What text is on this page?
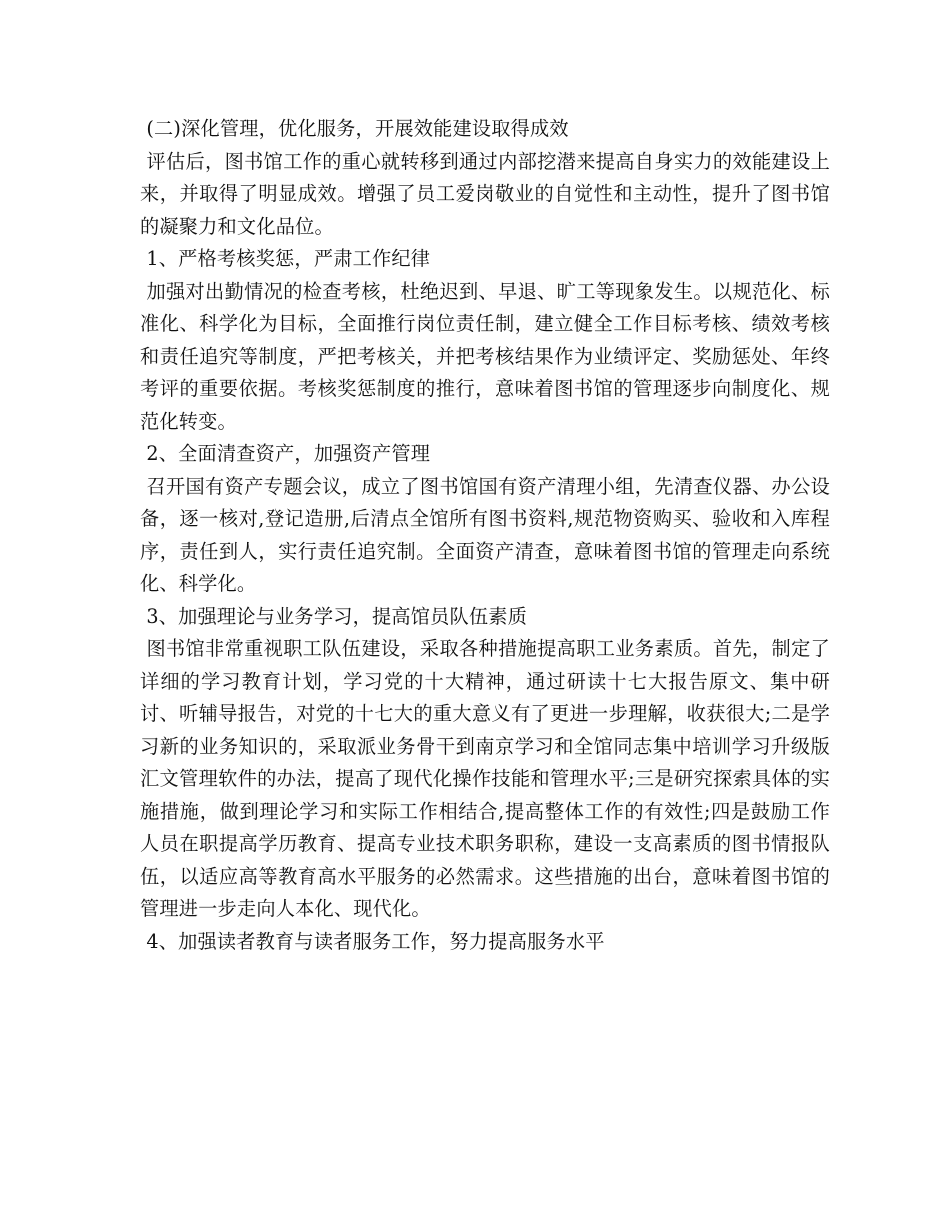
(二)深化管理，优化服务，开展效能建设取得成效

评估后，图书馆工作的重心就转移到通过内部挖潜来提高自身实力的效能建设上来，并取得了明显成效。增强了员工爱岗敬业的自觉性和主动性，提升了图书馆的凝聚力和文化品位。

1、严格考核奖惩，严肃工作纪律

加强对出勤情况的检查考核，杜绝迟到、早退、旷工等现象发生。以规范化、标准化、科学化为目标，全面推行岗位责任制，建立健全工作目标考核、绩效考核和责任追究等制度，严把考核关，并把考核结果作为业绩评定、奖励惩处、年终考评的重要依据。考核奖惩制度的推行，意味着图书馆的管理逐步向制度化、规范化转变。

2、全面清查资产，加强资产管理

召开国有资产专题会议，成立了图书馆国有资产清理小组，先清查仪器、办公设备，逐一核对,登记造册,后清点全馆所有图书资料,规范物资购买、验收和入库程序，责任到人，实行责任追究制。全面资产清查，意味着图书馆的管理走向系统化、科学化。

3、加强理论与业务学习，提高馆员队伍素质

图书馆非常重视职工队伍建设，采取各种措施提高职工业务素质。首先，制定了详细的学习教育计划，学习党的十大精神，通过研读十七大报告原文、集中研讨、听辅导报告，对党的十七大的重大意义有了更进一步理解，收获很大;二是学习新的业务知识的，采取派业务骨干到南京学习和全馆同志集中培训学习升级版汇文管理软件的办法，提高了现代化操作技能和管理水平;三是研究探索具体的实施措施，做到理论学习和实际工作相结合,提高整体工作的有效性;四是鼓励工作人员在职提高学历教育、提高专业技术职务职称，建设一支高素质的图书情报队伍，以适应高等教育高水平服务的必然需求。这些措施的出台，意味着图书馆的管理进一步走向人本化、现代化。

4、加强读者教育与读者服务工作，努力提高服务水平
